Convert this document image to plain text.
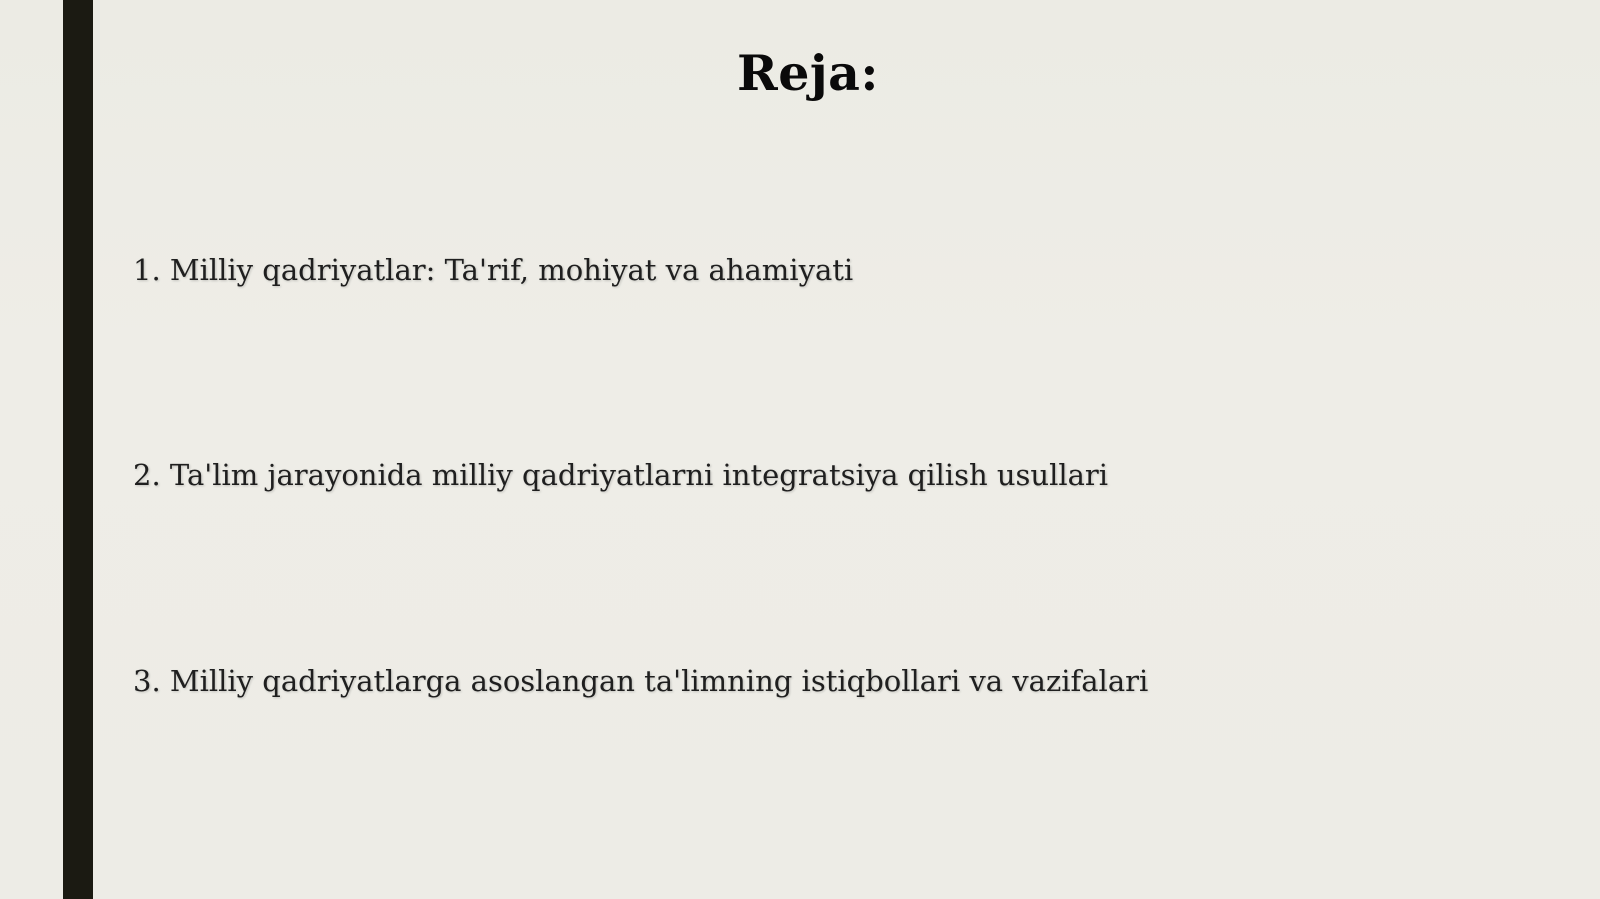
Reja:
1. Milliy qadriyatlar: Ta'rif, mohiyat va ahamiyati
2. Ta'lim jarayonida milliy qadriyatlarni integratsiya qilish usullari
3. Milliy qadriyatlarga asoslangan ta'limning istiqbollari va vazifalari
